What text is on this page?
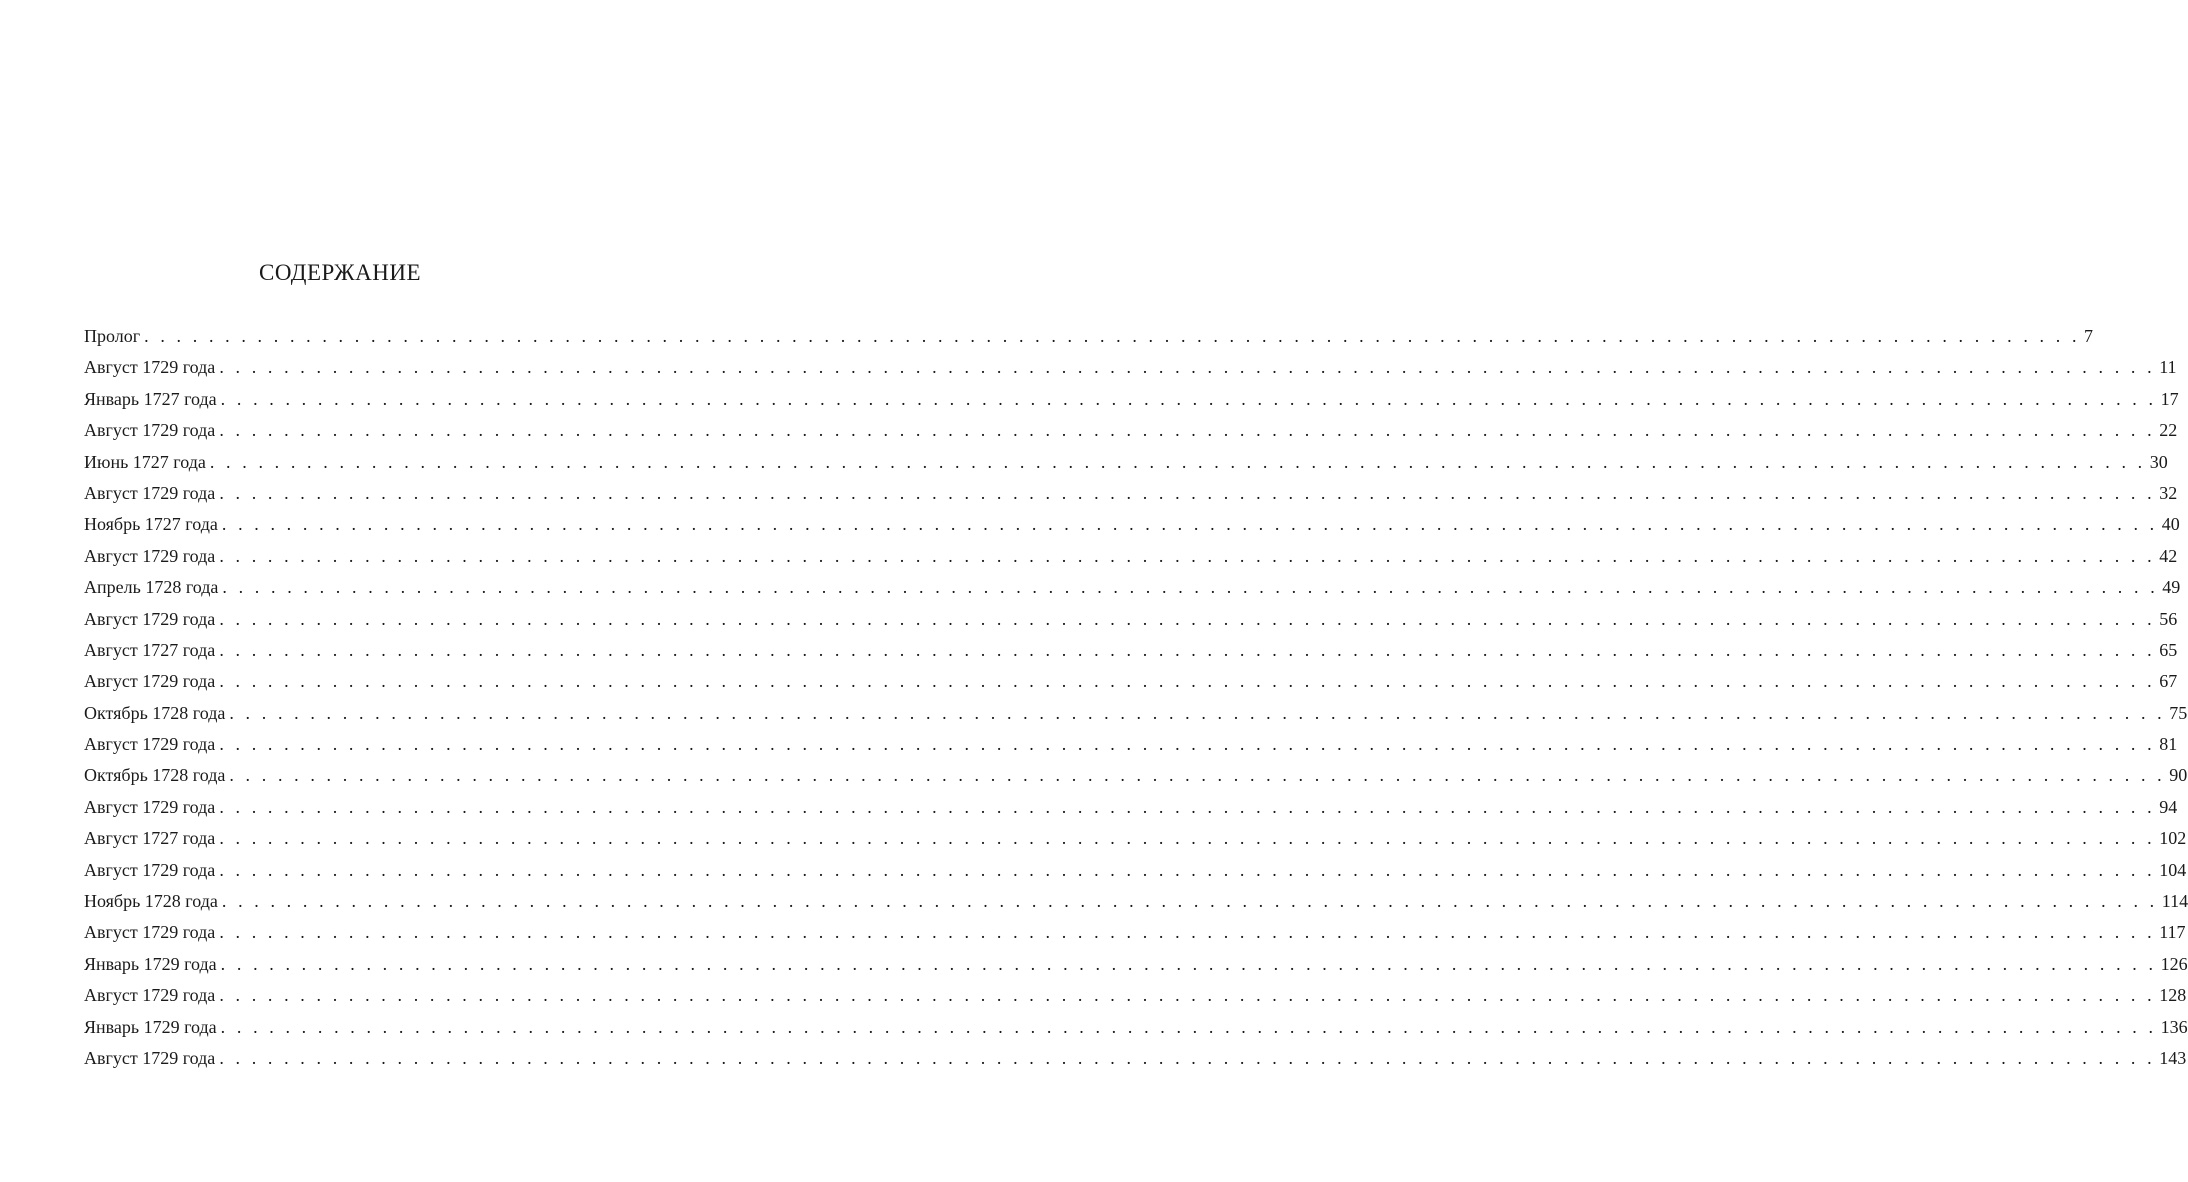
СОДЕРЖАНИЕ
Пролог . . . . . . . . . . . . . . . . . . . . . . . . . . . . . . . . . . . . . . . . . . . . . . . . . . . . . . . . . . . . . . . . . . . . . . . . . . . . . . . . . . . . . . . . . . . . . . . . . . . . . . . . . . . . . . . . . . . . . . . . 7
Август 1729 года . . . . . . . . . . . . . . . . . . . . . . . . . . . . . . . . . . . . . . . . . . . . . . . . . . . . . . . . . . . . . . . . . . . . . . . . . . . . . . . . . . . . . . . . . . . . . . . . . . . . . . . . . . . . . . . . . . . . . . . . 11
Январь 1727 года . . . . . . . . . . . . . . . . . . . . . . . . . . . . . . . . . . . . . . . . . . . . . . . . . . . . . . . . . . . . . . . . . . . . . . . . . . . . . . . . . . . . . . . . . . . . . . . . . . . . . . . . . . . . . . . . . . . . . . . . 17
Август 1729 года . . . . . . . . . . . . . . . . . . . . . . . . . . . . . . . . . . . . . . . . . . . . . . . . . . . . . . . . . . . . . . . . . . . . . . . . . . . . . . . . . . . . . . . . . . . . . . . . . . . . . . . . . . . . . . . . . . . . . . . . 22
Июнь 1727 года . . . . . . . . . . . . . . . . . . . . . . . . . . . . . . . . . . . . . . . . . . . . . . . . . . . . . . . . . . . . . . . . . . . . . . . . . . . . . . . . . . . . . . . . . . . . . . . . . . . . . . . . . . . . . . . . . . . . . . . . 30
Август 1729 года . . . . . . . . . . . . . . . . . . . . . . . . . . . . . . . . . . . . . . . . . . . . . . . . . . . . . . . . . . . . . . . . . . . . . . . . . . . . . . . . . . . . . . . . . . . . . . . . . . . . . . . . . . . . . . . . . . . . . . . . 32
Ноябрь 1727 года . . . . . . . . . . . . . . . . . . . . . . . . . . . . . . . . . . . . . . . . . . . . . . . . . . . . . . . . . . . . . . . . . . . . . . . . . . . . . . . . . . . . . . . . . . . . . . . . . . . . . . . . . . . . . . . . . . . . . . . . 40
Август 1729 года . . . . . . . . . . . . . . . . . . . . . . . . . . . . . . . . . . . . . . . . . . . . . . . . . . . . . . . . . . . . . . . . . . . . . . . . . . . . . . . . . . . . . . . . . . . . . . . . . . . . . . . . . . . . . . . . . . . . . . . . 42
Апрель 1728 года . . . . . . . . . . . . . . . . . . . . . . . . . . . . . . . . . . . . . . . . . . . . . . . . . . . . . . . . . . . . . . . . . . . . . . . . . . . . . . . . . . . . . . . . . . . . . . . . . . . . . . . . . . . . . . . . . . . . . . . . 49
Август 1729 года . . . . . . . . . . . . . . . . . . . . . . . . . . . . . . . . . . . . . . . . . . . . . . . . . . . . . . . . . . . . . . . . . . . . . . . . . . . . . . . . . . . . . . . . . . . . . . . . . . . . . . . . . . . . . . . . . . . . . . . . 56
Август 1727 года . . . . . . . . . . . . . . . . . . . . . . . . . . . . . . . . . . . . . . . . . . . . . . . . . . . . . . . . . . . . . . . . . . . . . . . . . . . . . . . . . . . . . . . . . . . . . . . . . . . . . . . . . . . . . . . . . . . . . . . . 65
Август 1729 года . . . . . . . . . . . . . . . . . . . . . . . . . . . . . . . . . . . . . . . . . . . . . . . . . . . . . . . . . . . . . . . . . . . . . . . . . . . . . . . . . . . . . . . . . . . . . . . . . . . . . . . . . . . . . . . . . . . . . . . . 67
Октябрь 1728 года . . . . . . . . . . . . . . . . . . . . . . . . . . . . . . . . . . . . . . . . . . . . . . . . . . . . . . . . . . . . . . . . . . . . . . . . . . . . . . . . . . . . . . . . . . . . . . . . . . . . . . . . . . . . . . . . . . . . . . . . 75
Август 1729 года . . . . . . . . . . . . . . . . . . . . . . . . . . . . . . . . . . . . . . . . . . . . . . . . . . . . . . . . . . . . . . . . . . . . . . . . . . . . . . . . . . . . . . . . . . . . . . . . . . . . . . . . . . . . . . . . . . . . . . . . 81
Октябрь 1728 года . . . . . . . . . . . . . . . . . . . . . . . . . . . . . . . . . . . . . . . . . . . . . . . . . . . . . . . . . . . . . . . . . . . . . . . . . . . . . . . . . . . . . . . . . . . . . . . . . . . . . . . . . . . . . . . . . . . . . . . . 90
Август 1729 года . . . . . . . . . . . . . . . . . . . . . . . . . . . . . . . . . . . . . . . . . . . . . . . . . . . . . . . . . . . . . . . . . . . . . . . . . . . . . . . . . . . . . . . . . . . . . . . . . . . . . . . . . . . . . . . . . . . . . . . . 94
Август 1727 года . . . . . . . . . . . . . . . . . . . . . . . . . . . . . . . . . . . . . . . . . . . . . . . . . . . . . . . . . . . . . . . . . . . . . . . . . . . . . . . . . . . . . . . . . . . . . . . . . . . . . . . . . . . . . . . . . . . . . . . . 102
Август 1729 года . . . . . . . . . . . . . . . . . . . . . . . . . . . . . . . . . . . . . . . . . . . . . . . . . . . . . . . . . . . . . . . . . . . . . . . . . . . . . . . . . . . . . . . . . . . . . . . . . . . . . . . . . . . . . . . . . . . . . . . . 104
Ноябрь 1728 года . . . . . . . . . . . . . . . . . . . . . . . . . . . . . . . . . . . . . . . . . . . . . . . . . . . . . . . . . . . . . . . . . . . . . . . . . . . . . . . . . . . . . . . . . . . . . . . . . . . . . . . . . . . . . . . . . . . . . . . . 114
Август 1729 года . . . . . . . . . . . . . . . . . . . . . . . . . . . . . . . . . . . . . . . . . . . . . . . . . . . . . . . . . . . . . . . . . . . . . . . . . . . . . . . . . . . . . . . . . . . . . . . . . . . . . . . . . . . . . . . . . . . . . . . . 117
Январь 1729 года . . . . . . . . . . . . . . . . . . . . . . . . . . . . . . . . . . . . . . . . . . . . . . . . . . . . . . . . . . . . . . . . . . . . . . . . . . . . . . . . . . . . . . . . . . . . . . . . . . . . . . . . . . . . . . . . . . . . . . . . 126
Август 1729 года . . . . . . . . . . . . . . . . . . . . . . . . . . . . . . . . . . . . . . . . . . . . . . . . . . . . . . . . . . . . . . . . . . . . . . . . . . . . . . . . . . . . . . . . . . . . . . . . . . . . . . . . . . . . . . . . . . . . . . . . 128
Январь 1729 года . . . . . . . . . . . . . . . . . . . . . . . . . . . . . . . . . . . . . . . . . . . . . . . . . . . . . . . . . . . . . . . . . . . . . . . . . . . . . . . . . . . . . . . . . . . . . . . . . . . . . . . . . . . . . . . . . . . . . . . . 136
Август 1729 года . . . . . . . . . . . . . . . . . . . . . . . . . . . . . . . . . . . . . . . . . . . . . . . . . . . . . . . . . . . . . . . . . . . . . . . . . . . . . . . . . . . . . . . . . . . . . . . . . . . . . . . . . . . . . . . . . . . . . . . . 143
